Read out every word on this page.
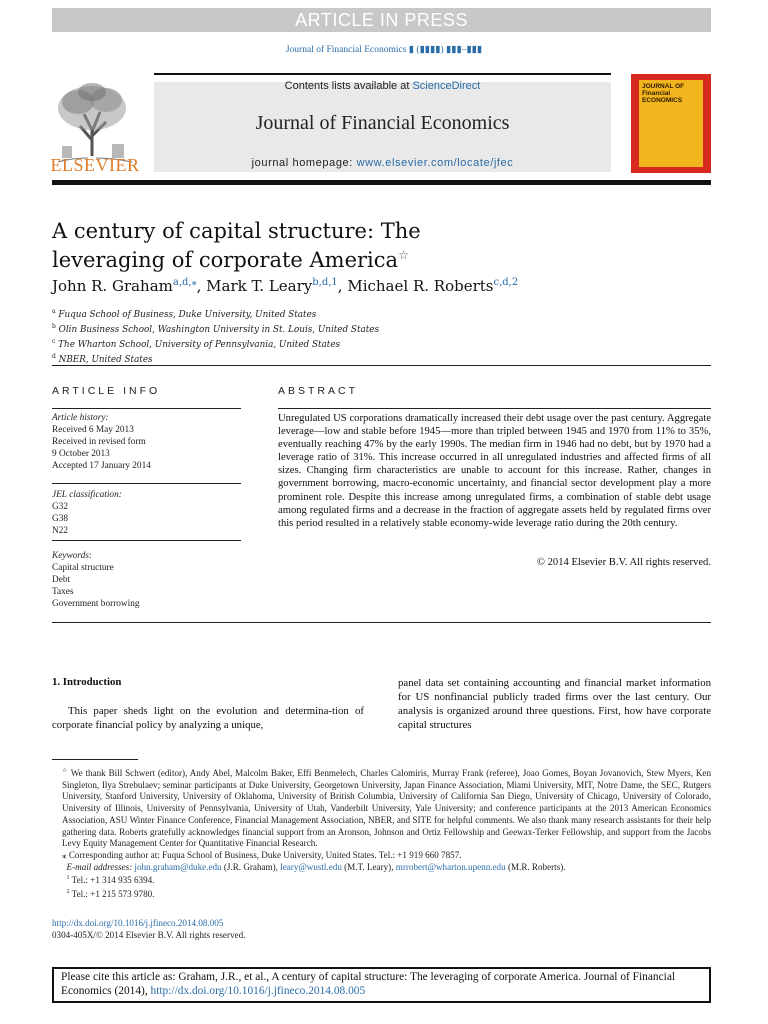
ARTICLE IN PRESS
Journal of Financial Economics ▮ (▮▮▮▮) ▮▮▮–▮▮▮
Contents lists available at ScienceDirect
Journal of Financial Economics
journal homepage: www.elsevier.com/locate/jfec
ELSEVIER
JOURNAL OF Financial ECONOMICS
A century of capital structure: The leveraging of corporate America☆
John R. Graham$^{a,d,⁎}$, Mark T. Leary$^{b,d,1}$, Michael R. Roberts$^{c,d,2}$
$^a$ Fuqua School of Business, Duke University, United States
$^b$ Olin Business School, Washington University in St. Louis, United States
$^c$ The Wharton School, University of Pennsylvania, United States
$^d$ NBER, United States
ARTICLE INFO	ABSTRACT
Article history:
Received 6 May 2013
Received in revised form
9 October 2013
Accepted 17 January 2014
JEL classification:
G32
G38
N22
Keywords:
Capital structure
Debt
Taxes
Government borrowing
Unregulated US corporations dramatically increased their debt usage over the past century. Aggregate leverage—low and stable before 1945—more than tripled between 1945 and 1970 from 11% to 35%, eventually reaching 47% by the early 1990s. The median firm in 1946 had no debt, but by 1970 had a leverage ratio of 31%. This increase occurred in all unregulated industries and affected firms of all sizes. Changing firm characteristics are unable to account for this increase. Rather, changes in government borrowing, macro-economic uncertainty, and financial sector development play a more prominent role. Despite this increase among unregulated firms, a combination of stable debt usage among regulated firms and a decrease in the fraction of aggregate assets held by regulated firms over this period resulted in a relatively stable economy-wide leverage ratio during the 20th century.
© 2014 Elsevier B.V. All rights reserved.
1. Introduction
This paper sheds light on the evolution and determina-tion of corporate financial policy by analyzing a unique,
panel data set containing accounting and financial market information for US nonfinancial publicly traded firms over the last century. Our analysis is organized around three questions. First, how have corporate capital structures

☆ We thank Bill Schwert (editor), Andy Abel, Malcolm Baker, Effi Benmelech, Charles Calomiris, Murray Frank (referee), Joao Gomes, Boyan Jovanovich, Stew Myers, Ken Singleton, Ilya Strebulaev; seminar participants at Duke University, Georgetown University, Japan Finance Association, Miami University, MIT, Notre Dame, the SEC, Rutgers University, Stanford University, University of Oklahoma, University of British Columbia, University of California San Diego, University of Chicago, University of Colorado, University of Illinois, University of Pennsylvania, University of Utah, Vanderbilt University, Yale University; and conference participants at the 2013 American Economics Association, ASU Winter Finance Conference, Financial Management Association, NBER, and SITE for helpful comments. We also thank many research assistants for their help gathering data. Roberts gratefully acknowledges financial support from an Aronson, Johnson and Ortiz Fellowship and Geewax-Terker Fellowship, and support from the Jacobs Levy Equity Management Center for Quantitative Financial Research.

⁎ Corresponding author at: Fuqua School of Business, Duke University, United States. Tel.: +1 919 660 7857.

E-mail addresses: john.graham@duke.edu (J.R. Graham), leary@wustl.edu (M.T. Leary), mrrobert@wharton.upenn.edu (M.R. Roberts).

$^1$ Tel.: +1 314 935 6394.

$^2$ Tel.: +1 215 573 9780.

http://dx.doi.org/10.1016/j.jfineco.2014.08.005
0304-405X/© 2014 Elsevier B.V. All rights reserved.
Please cite this article as: Graham, J.R., et al., A century of capital structure: The leveraging of corporate America. Journal of Financial Economics (2014), http://dx.doi.org/10.1016/j.jfineco.2014.08.005
